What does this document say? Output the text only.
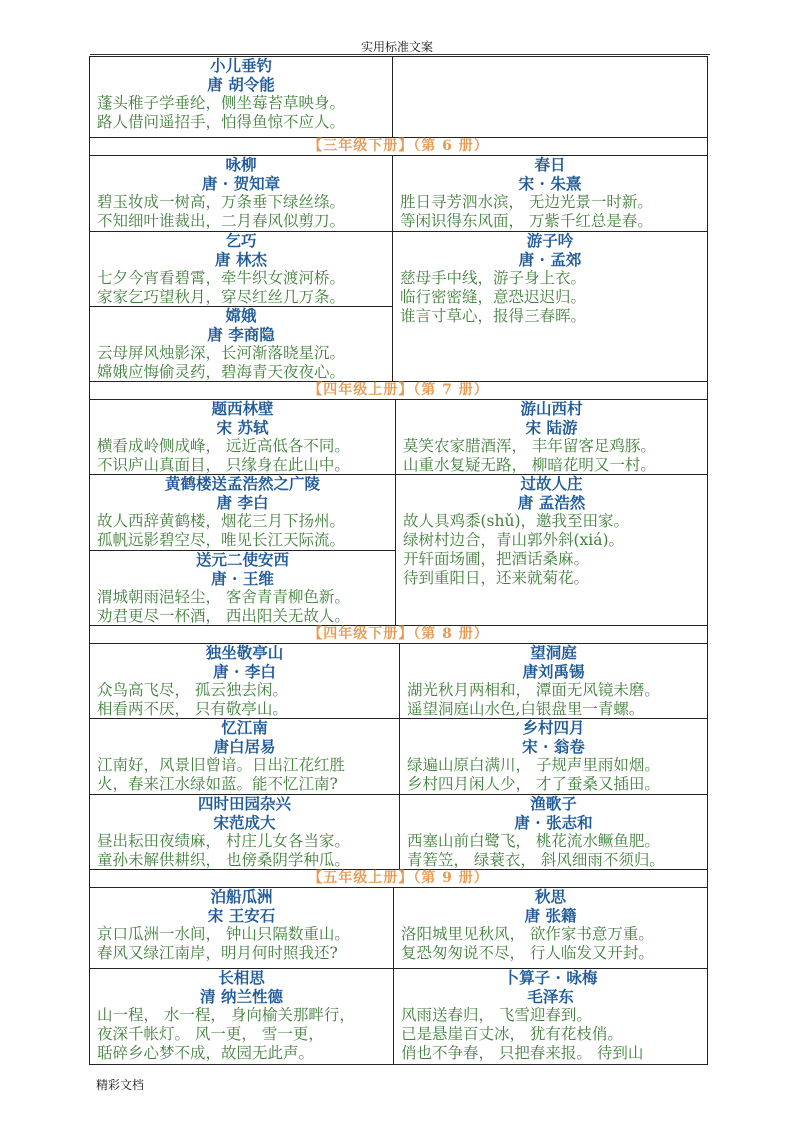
实用标准文案
小儿垂钓
唐 胡令能
蓬头稚子学垂纶，侧坐莓苔草映身。
路人借问遥招手，怕得鱼惊不应人。
【三年级下册】（第 6 册）
咏柳
唐 · 贺知章
碧玉妆成一树高，万条垂下绿丝绦。
不知细叶谁裁出，二月春风似剪刀。
乞巧
唐 林杰
七夕今宵看碧霄，牵牛织女渡河桥。
家家乞巧望秋月，穿尽红丝几万条。
嫦娥
唐 李商隐
云母屏风烛影深，长河渐落晓星沉。
嫦娥应悔偷灵药，碧海青天夜夜心。
春日
宋 · 朱熹
胜日寻芳泗水滨， 无边光景一时新。
等闲识得东风面， 万紫千红总是春。
游子吟
唐 · 孟郊
慈母手中线，游子身上衣。
临行密密缝，意恐迟迟归。
谁言寸草心，报得三春晖。
【四年级上册】（第 7 册）
题西林壁
宋 苏轼
横看成岭侧成峰， 远近高低各不同。
不识庐山真面目， 只缘身在此山中。
黄鹤楼送孟浩然之广陵
唐 李白
故人西辞黄鹤楼，烟花三月下扬州。
孤帆远影碧空尽，唯见长江天际流。
送元二使安西
唐 · 王维
渭城朝雨浥轻尘， 客舍青青柳色新。
劝君更尽一杯酒， 西出阳关无故人。
游山西村
宋 陆游
莫笑农家腊酒浑， 丰年留客足鸡豚。
山重水复疑无路， 柳暗花明又一村。
过故人庄
唐 孟浩然
故人具鸡黍(shǔ)，邀我至田家。
绿树村边合，青山郭外斜(xiá)。
开轩面场圃，把酒话桑麻。
待到重阳日，还来就菊花。
【四年级下册】（第 8 册）
独坐敬亭山
唐 · 李白
众鸟高飞尽， 孤云独去闲。
相看两不厌， 只有敬亭山。
忆江南
唐白居易
江南好，风景旧曾谙。日出江花红胜
火，春来江水绿如蓝。能不忆江南?
四时田园杂兴
宋范成大
昼出耘田夜绩麻， 村庄儿女各当家。
童孙未解供耕织， 也傍桑阴学种瓜。
望洞庭
唐刘禹锡
湖光秋月两相和， 潭面无风镜未磨。
遥望洞庭山水色,白银盘里一青螺。
乡村四月
宋 · 翁卷
绿遍山原白满川， 子规声里雨如烟。
乡村四月闲人少， 才了蚕桑又插田。
渔歌子
唐 · 张志和
西塞山前白鹭飞， 桃花流水鳜鱼肥。
青箬笠， 绿蓑衣， 斜风细雨不须归。
【五年级上册】（第 9 册）
泊船瓜洲
宋 王安石
京口瓜洲一水间， 钟山只隔数重山。
春风又绿江南岸，明月何时照我还?
长相思
清 纳兰性德
山一程， 水一程， 身向榆关那畔行，
夜深千帐灯。 风一更， 雪一更，
聒碎乡心梦不成，故园无此声。
秋思
唐 张籍
洛阳城里见秋风， 欲作家书意万重。
复恐匆匆说不尽， 行人临发又开封。
卜算子 · 咏梅
毛泽东
风雨送春归， 飞雪迎春到。
已是悬崖百丈冰， 犹有花枝俏。
俏也不争春， 只把春来报。 待到山
精彩文档
